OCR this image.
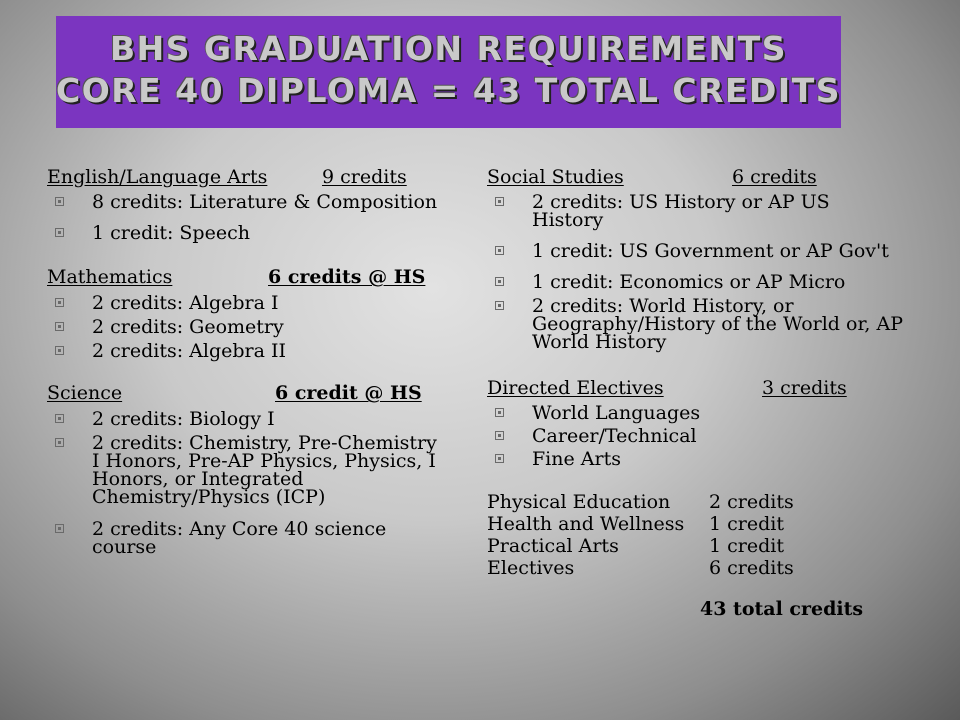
BHS GRADUATION REQUIREMENTS
CORE 40 DIPLOMA = 43 TOTAL CREDITS
English/Language Arts	9 credits
8 credits: Literature & Composition
1 credit: Speech
Mathematics	6 credits @ HS
2 credits: Algebra I
2 credits: Geometry
2 credits: Algebra II
Science	6 credit @ HS
2 credits: Biology I
2 credits: Chemistry, Pre-Chemistry I Honors, Pre-AP Physics, Physics, I Honors, or Integrated Chemistry/Physics (ICP)
2 credits: Any Core 40 science course
Social Studies	6 credits
2 credits: US History or AP US History
1 credit: US Government or AP Gov't
1 credit: Economics or AP Micro
2 credits: World History, or Geography/History of the World or, AP World History
Directed Electives	3 credits
World Languages
Career/Technical
Fine Arts
Physical Education	2 credits
Health and Wellness	1 credit
Practical Arts	1 credit
Electives	6 credits
43 total credits
